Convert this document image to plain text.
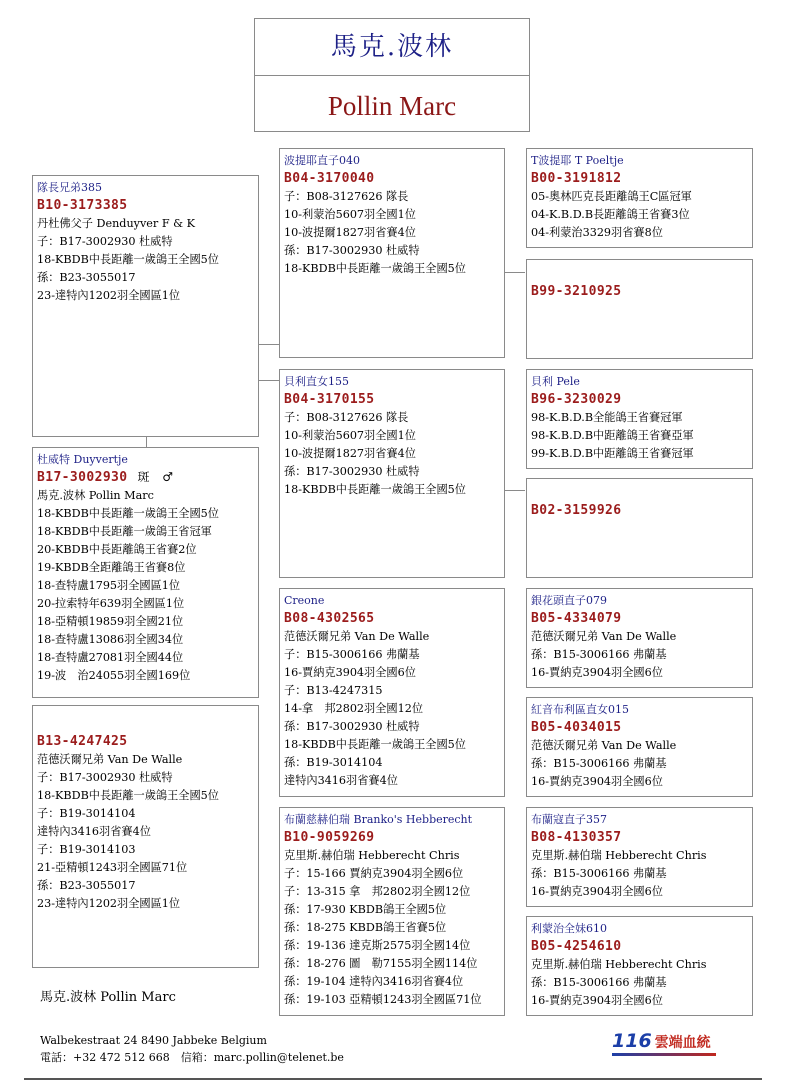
馬克.波林
Pollin Marc
隊長兄弟385
B10-3173385
丹杜佛父子 Denduyver F & K
子：B17-3002930 杜威特
18-KBDB中長距離一歲鴿王全國5位
孫：B23-3055017
23-達特內1202羽全國區1位
杜威特 Duyvertje
B17-3002930 斑　♂
馬克.波林 Pollin Marc
18-KBDB中長距離一歲鴿王全國5位
18-KBDB中長距離一歲鴿王省冠軍
20-KBDB中長距離鴿王省賽2位
19-KBDB全距離鴿王省賽8位
18-查特盧1795羽全國區1位
20-拉索特年639羽全國區1位
18-亞精頓19859羽全國21位
18-查特盧13086羽全國34位
18-查特盧27081羽全國44位
19-波　治24055羽全國169位
B13-4247425
范德沃爾兄弟 Van De Walle
子：B17-3002930 杜威特
18-KBDB中長距離一歲鴿王全國5位
子：B19-3014104
達特內3416羽省賽4位
子：B19-3014103
21-亞精頓1243羽全國區71位
孫：B23-3055017
23-達特內1202羽全國區1位
波提耶直子040
B04-3170040
子：B08-3127626 隊長
10-利蒙治5607羽全國1位
10-波提爾1827羽省賽4位
孫：B17-3002930 杜威特
18-KBDB中長距離一歲鴿王全國5位
貝利直女155
B04-3170155
子：B08-3127626 隊長
10-利蒙治5607羽全國1位
10-波提爾1827羽省賽4位
孫：B17-3002930 杜威特
18-KBDB中長距離一歲鴿王全國5位
Creone
B08-4302565
范德沃爾兄弟 Van De Walle
子：B15-3006166 弗蘭基
16-賈納克3904羽全國6位
子：B13-4247315
14-拿　邦2802羽全國12位
孫：B17-3002930 杜威特
18-KBDB中長距離一歲鴿王全國5位
孫：B19-3014104
達特內3416羽省賽4位
布蘭慈赫伯瑞 Branko's Hebberecht
B10-9059269
克里斯.赫伯瑞 Hebberecht Chris
子：15-166 賈納克3904羽全國6位
子：13-315 拿　邦2802羽全國12位
孫：17-930 KBDB鴿王全國5位
孫：18-275 KBDB鴿王省賽5位
孫：19-136 達克斯2575羽全國14位
孫：18-276 圖　勒7155羽全國114位
孫：19-104 達特內3416羽省賽4位
孫：19-103 亞精頓1243羽全國區71位
T波提耶 T Poeltje
B00-3191812
05-奧林匹克長距離鴿王C區冠軍
04-K.B.D.B長距離鴿王省賽3位
04-利蒙治3329羽省賽8位
B99-3210925
貝利 Pele
B96-3230029
98-K.B.D.B全能鴿王省賽冠軍
98-K.B.D.B中距離鴿王省賽亞軍
99-K.B.D.B中距離鴿王省賽冠軍
B02-3159926
銀花頭直子079
B05-4334079
范德沃爾兄弟 Van De Walle
孫：B15-3006166 弗蘭基
16-賈納克3904羽全國6位
紅音布利區直女015
B05-4034015
范德沃爾兄弟 Van De Walle
孫：B15-3006166 弗蘭基
16-賈納克3904羽全國6位
布蘭寇直子357
B08-4130357
克里斯.赫伯瑞 Hebberecht Chris
孫：B15-3006166 弗蘭基
16-賈納克3904羽全國6位
利蒙治全妹610
B05-4254610
克里斯.赫伯瑞 Hebberecht Chris
孫：B15-3006166 弗蘭基
16-賈納克3904羽全國6位
馬克.波林 Pollin Marc
Walbekestraat 24 8490 Jabbeke Belgium
電話：+32 472 512 668　信箱：marc.pollin@telenet.be
116 雲端血統
